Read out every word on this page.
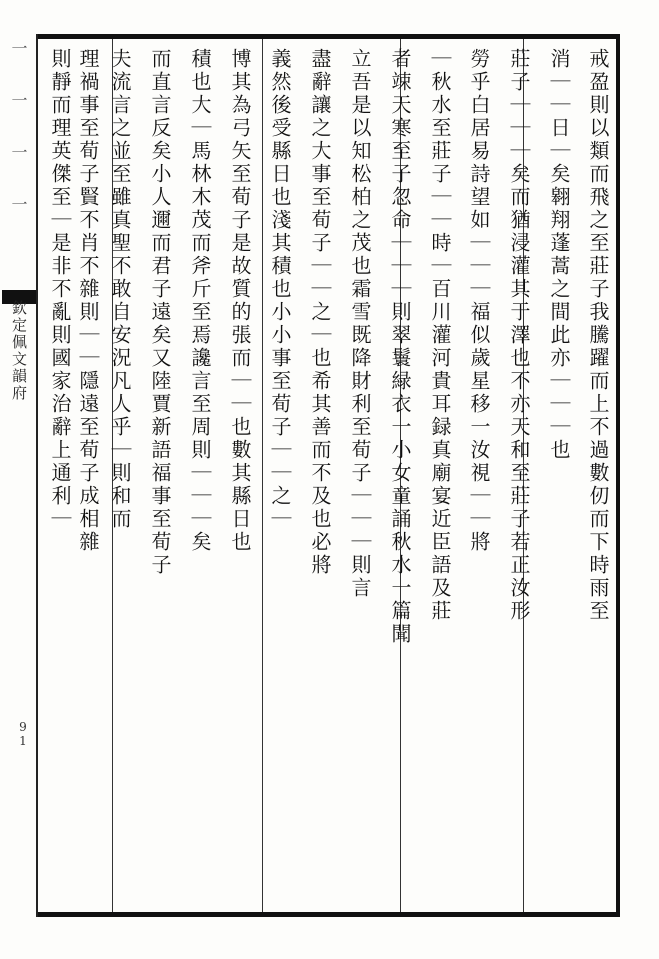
一　一　一　一
欽定佩文韻府
91
戒盈則以類而飛之至莊子我騰躍而上不過數仞而下時雨至
消｜｜日｜矣翱翔蓬蒿之間此亦｜｜｜也
莊子｜｜｜矣而猶浸灌其于澤也不亦天和至莊子若正汝形
勞乎白居易詩望如｜｜｜福似歲星移一汝視｜｜將
｜秋水至莊子｜｜時｜百川灌河貴耳録真廟宴近臣語及莊
者竦天寒至子忽命｜｜｜則翠鬟緑衣一小女童誦秋水一篇聞
立吾是以知松柏之茂也霜雪既降財利至荀子｜｜｜則言
盡辭讓之大事至荀子｜｜之｜也希其善而不及也必將
義然後受縣日也淺其積也小小事至荀子｜｜之｜
博其為弓矢至荀子是故質的張而｜｜也數其縣日也
積也大｜馬林木茂而斧斤至焉讒言至周則｜｜｜矣
而直言反矣小人邇而君子遠矣又陸賈新語福事至荀子
夫流言之並至雖真聖不敢自安況凡人乎｜則和而
理禍事至荀子賢不肖不雜則｜｜隱遠至荀子成相雜
則靜而理英傑至｜是非不亂則國家治辭上通利｜
